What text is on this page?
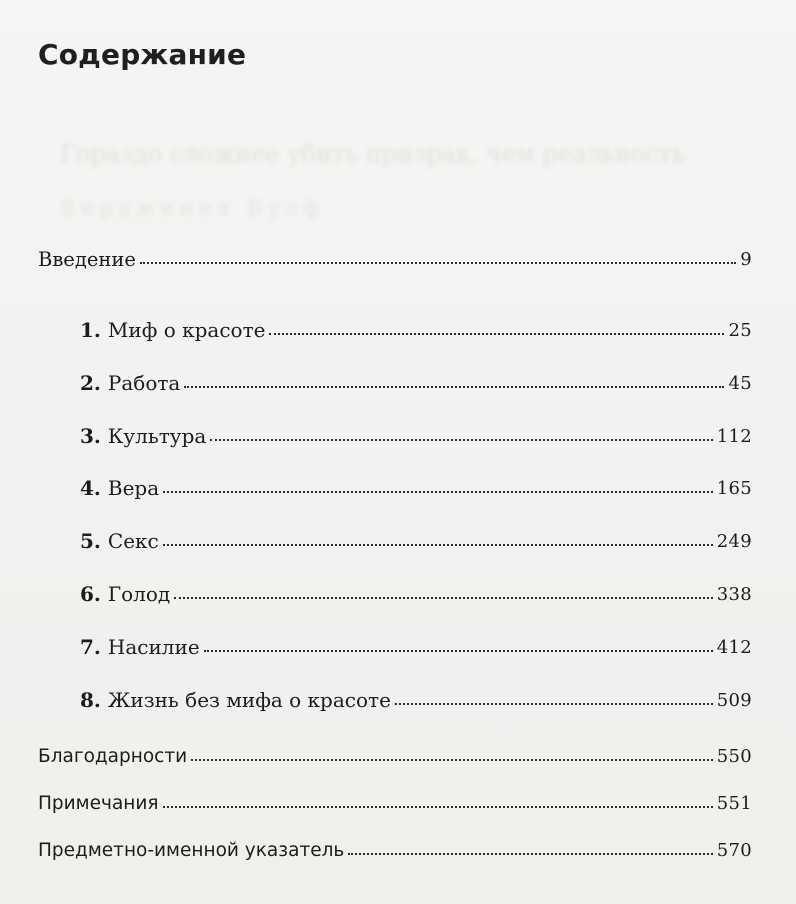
Гораздо сложнее убить призрак, чем реальность
Вирджиния Вулф
Содержание
Введение	9
1. Миф о красоте	25
2. Работа	45
3. Культура	112
4. Вера	165
5. Секс	249
6. Голод	338
7. Насилие	412
8. Жизнь без мифа о красоте	509
Благодарности	550
Примечания	551
Предметно-именной указатель	570
